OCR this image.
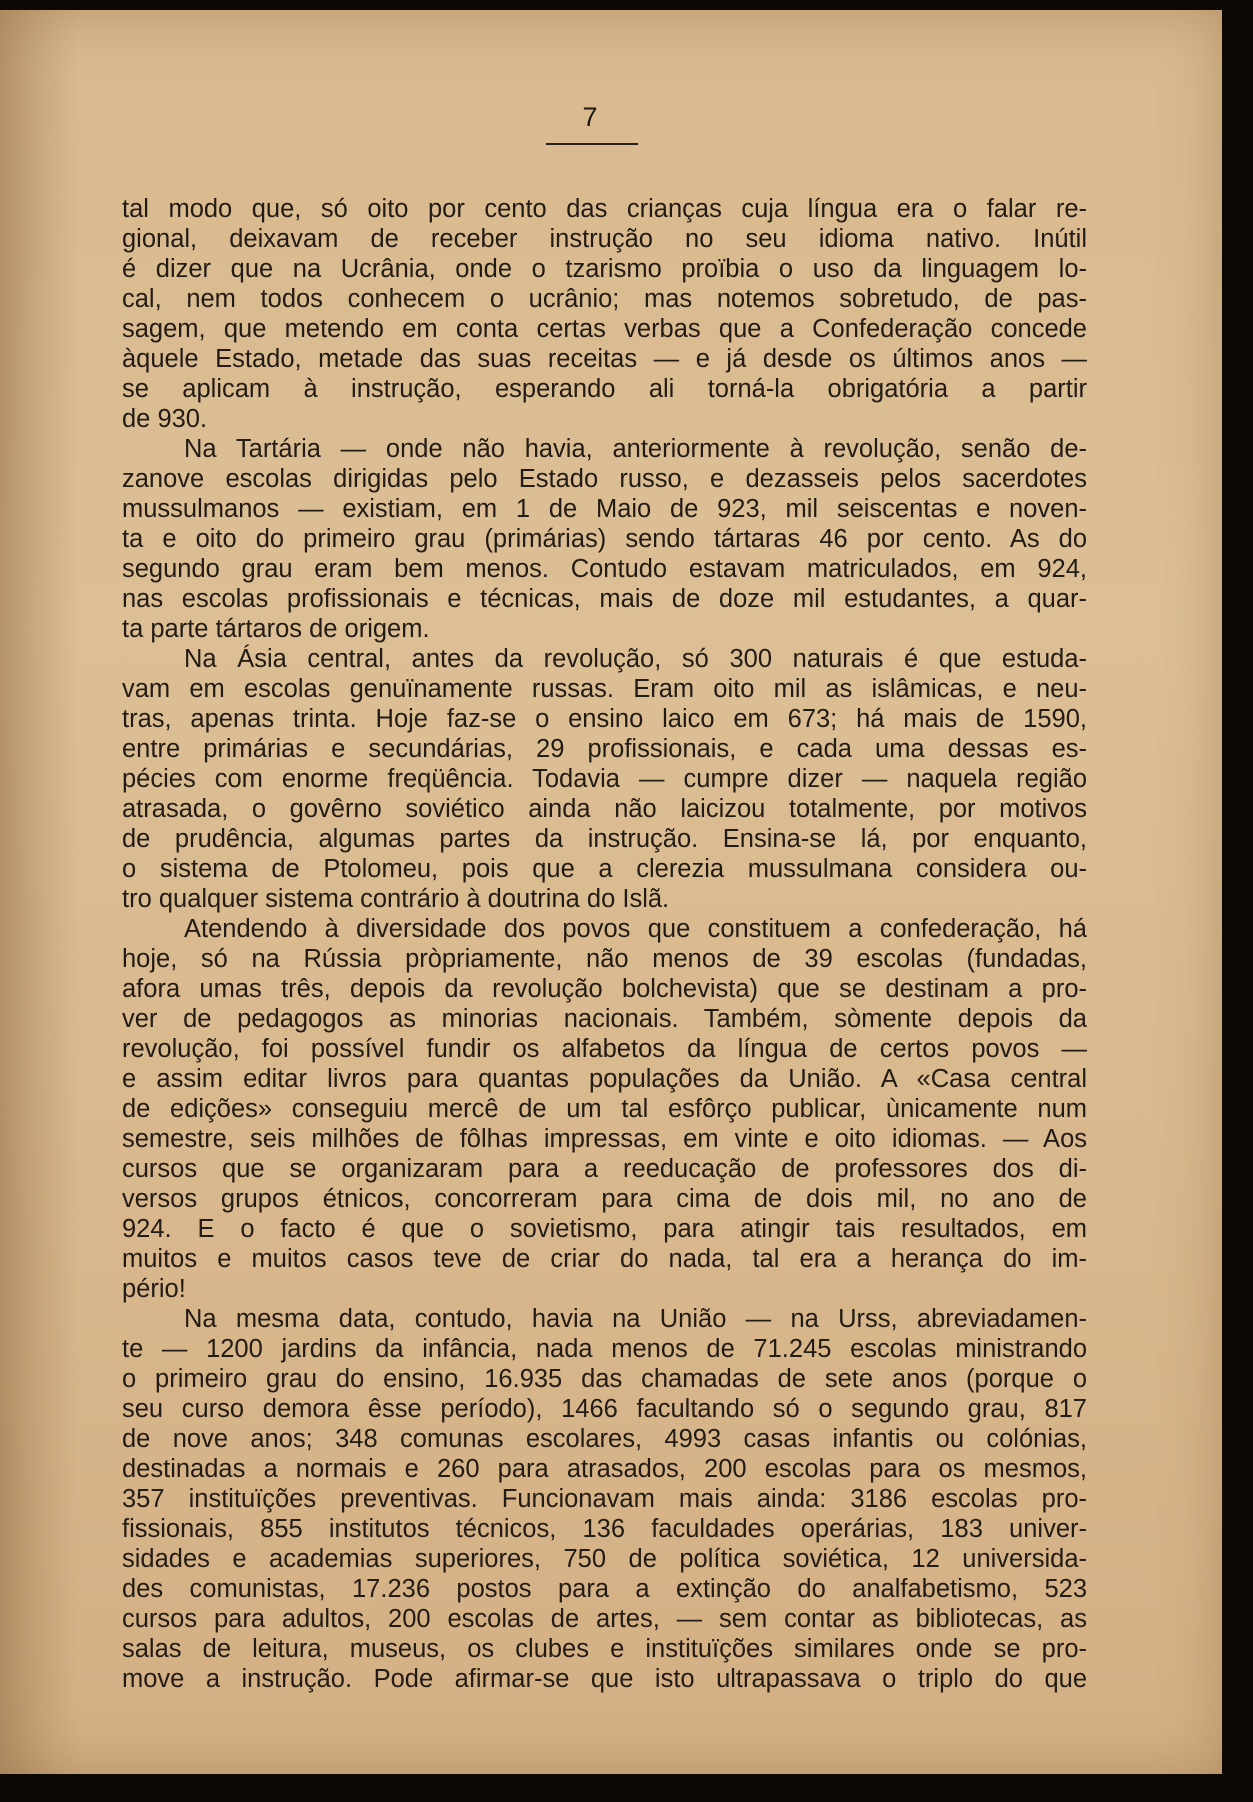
7
tal modo que, só oito por cento das crianças cuja língua era o falar re-
gional, deixavam de receber instrução no seu idioma nativo. Inútil
é dizer que na Ucrânia, onde o tzarismo proïbia o uso da linguagem lo-
cal, nem todos conhecem o ucrânio; mas notemos sobretudo, de pas-
sagem, que metendo em conta certas verbas que a Confederação concede
àquele Estado, metade das suas receitas — e já desde os últimos anos —
se aplicam à instrução, esperando ali torná-la obrigatória a partir
de 930.
Na Tartária — onde não havia, anteriormente à revolução, senão de-
zanove escolas dirigidas pelo Estado russo, e dezasseis pelos sacerdotes
mussulmanos — existiam, em 1 de Maio de 923, mil seiscentas e noven-
ta e oito do primeiro grau (primárias) sendo tártaras 46 por cento. As do
segundo grau eram bem menos. Contudo estavam matriculados, em 924,
nas escolas profissionais e técnicas, mais de doze mil estudantes, a quar-
ta parte tártaros de origem.
Na Ásia central, antes da revolução, só 300 naturais é que estuda-
vam em escolas genuïnamente russas. Eram oito mil as islâmicas, e neu-
tras, apenas trinta. Hoje faz-se o ensino laico em 673; há mais de 1590,
entre primárias e secundárias, 29 profissionais, e cada uma dessas es-
pécies com enorme freqüência. Todavia — cumpre dizer — naquela região
atrasada, o govêrno soviético ainda não laicizou totalmente, por motivos
de prudência, algumas partes da instrução. Ensina-se lá, por enquanto,
o sistema de Ptolomeu, pois que a clerezia mussulmana considera ou-
tro qualquer sistema contrário à doutrina do Islã.
Atendendo à diversidade dos povos que constituem a confederação, há
hoje, só na Rússia pròpriamente, não menos de 39 escolas (fundadas,
afora umas três, depois da revolução bolchevista) que se destinam a pro-
ver de pedagogos as minorias nacionais. Também, sòmente depois da
revolução, foi possível fundir os alfabetos da língua de certos povos —
e assim editar livros para quantas populações da União. A «Casa central
de edições» conseguiu mercê de um tal esfôrço publicar, ùnicamente num
semestre, seis milhões de fôlhas impressas, em vinte e oito idiomas. — Aos
cursos que se organizaram para a reeducação de professores dos di-
versos grupos étnicos, concorreram para cima de dois mil, no ano de
924. E o facto é que o sovietismo, para atingir tais resultados, em
muitos e muitos casos teve de criar do nada, tal era a herança do im-
pério!
Na mesma data, contudo, havia na União — na Urss, abreviadamen-
te — 1200 jardins da infância, nada menos de 71.245 escolas ministrando
o primeiro grau do ensino, 16.935 das chamadas de sete anos (porque o
seu curso demora êsse período), 1466 facultando só o segundo grau, 817
de nove anos; 348 comunas escolares, 4993 casas infantis ou colónias,
destinadas a normais e 260 para atrasados, 200 escolas para os mesmos,
357 instituïções preventivas. Funcionavam mais ainda: 3186 escolas pro-
fissionais, 855 institutos técnicos, 136 faculdades operárias, 183 univer-
sidades e academias superiores, 750 de política soviética, 12 universida-
des comunistas, 17.236 postos para a extinção do analfabetismo, 523
cursos para adultos, 200 escolas de artes, — sem contar as bibliotecas, as
salas de leitura, museus, os clubes e instituïções similares onde se pro-
move a instrução. Pode afirmar-se que isto ultrapassava o triplo do que
